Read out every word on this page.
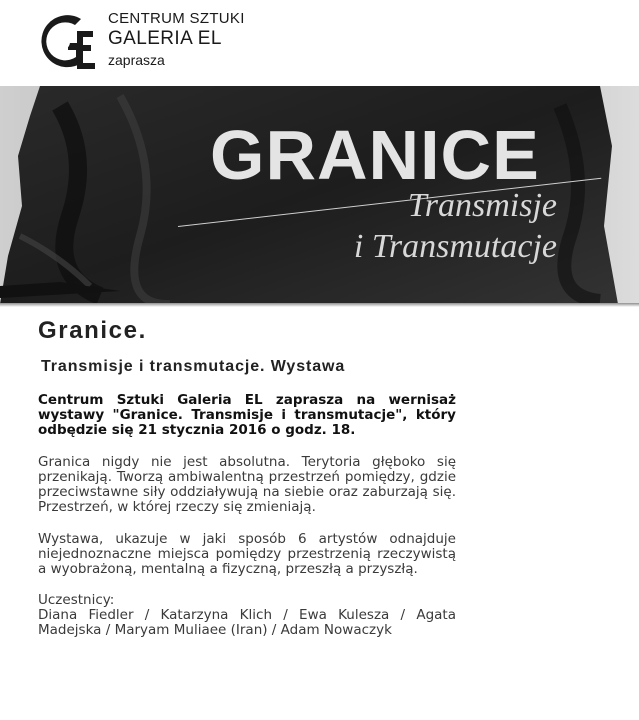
CENTRUM SZTUKI
GALERIA EL
zaprasza
GRANICE
Transmisje
i Transmutacje
Granice.
Transmisje i transmutacje. Wystawa

Centrum Sztuki Galeria EL zaprasza na wernisaż wystawy "Granice. Transmisje i transmutacje", który odbędzie się 21 stycznia 2016 o godz. 18.

Granica nigdy nie jest absolutna. Terytoria głęboko się przenikają. Tworzą ambiwalentną przestrzeń pomiędzy, gdzie przeciwstawne siły oddziaływują na siebie oraz zaburzają się. Przestrzeń, w której rzeczy się zmieniają.

Wystawa, ukazuje w jaki sposób 6 artystów odnajduje niejednoznaczne miejsca pomiędzy przestrzenią rzeczywistą a wyobrażoną, mentalną a fizyczną, przeszłą a przyszłą.

Uczestnicy:
Diana Fiedler / Katarzyna Klich / Ewa Kulesza / Agata Madejska / Maryam Muliaee (Iran) / Adam Nowaczyk
